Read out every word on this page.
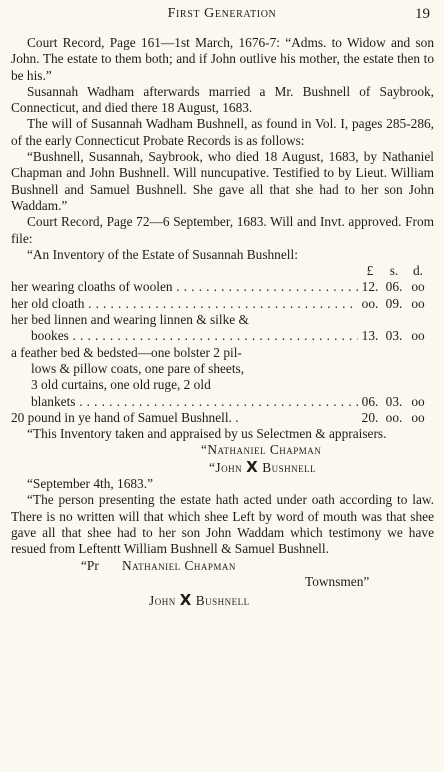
First Generation	19

Court Record, Page 161—1st March, 1676-7: “Adms. to Widow and son John. The estate to them both; and if John outlive his mother, the estate then to be his.”

Susannah Wadham afterwards married a Mr. Bushnell of Saybrook, Connecticut, and died there 18 August, 1683.

The will of Susannah Wadham Bushnell, as found in Vol. I, pages 285-286, of the early Connecticut Probate Records is as follows:

“Bushnell, Susannah, Saybrook, who died 18 August, 1683, by Nathaniel Chapman and John Bushnell. Will nuncupative. Testified to by Lieut. William Bushnell and Samuel Bushnell. She gave all that she had to her son John Waddam.”

Court Record, Page 72—6 September, 1683. Will and Invt. approved. From file:

“An Inventory of the Estate of Susannah Bushnell:

£	s.	d.
her wearing cloaths of woolen . . .	12. 06. oo
her old cloath . . .	oo. 09. oo
her bed linnen and wearing linnen & silke &
bookes . . .	13. 03. oo
a feather bed & bedsted—one bolster 2 pil-
lows & pillow coats, one pare of sheets,
3 old curtains, one old ruge, 2 old
blankets . . .	06. 03. oo
20 pound in ye hand of Samuel Bushnell. .	20. oo. oo

“This Inventory taken and appraised by us Selectmen & appraisers.

“Nathaniel Chapman
“John X Bushnell

“September 4th, 1683.”

“The person presenting the estate hath acted under oath according to law. There is no written will that which shee Left by word of mouth was that shee gave all that shee had to her son John Waddam which testimony we have resued from Leftentt William Bushnell & Samuel Bushnell.

“Pr Nathaniel Chapman
Townsmen”
John X Bushnell
